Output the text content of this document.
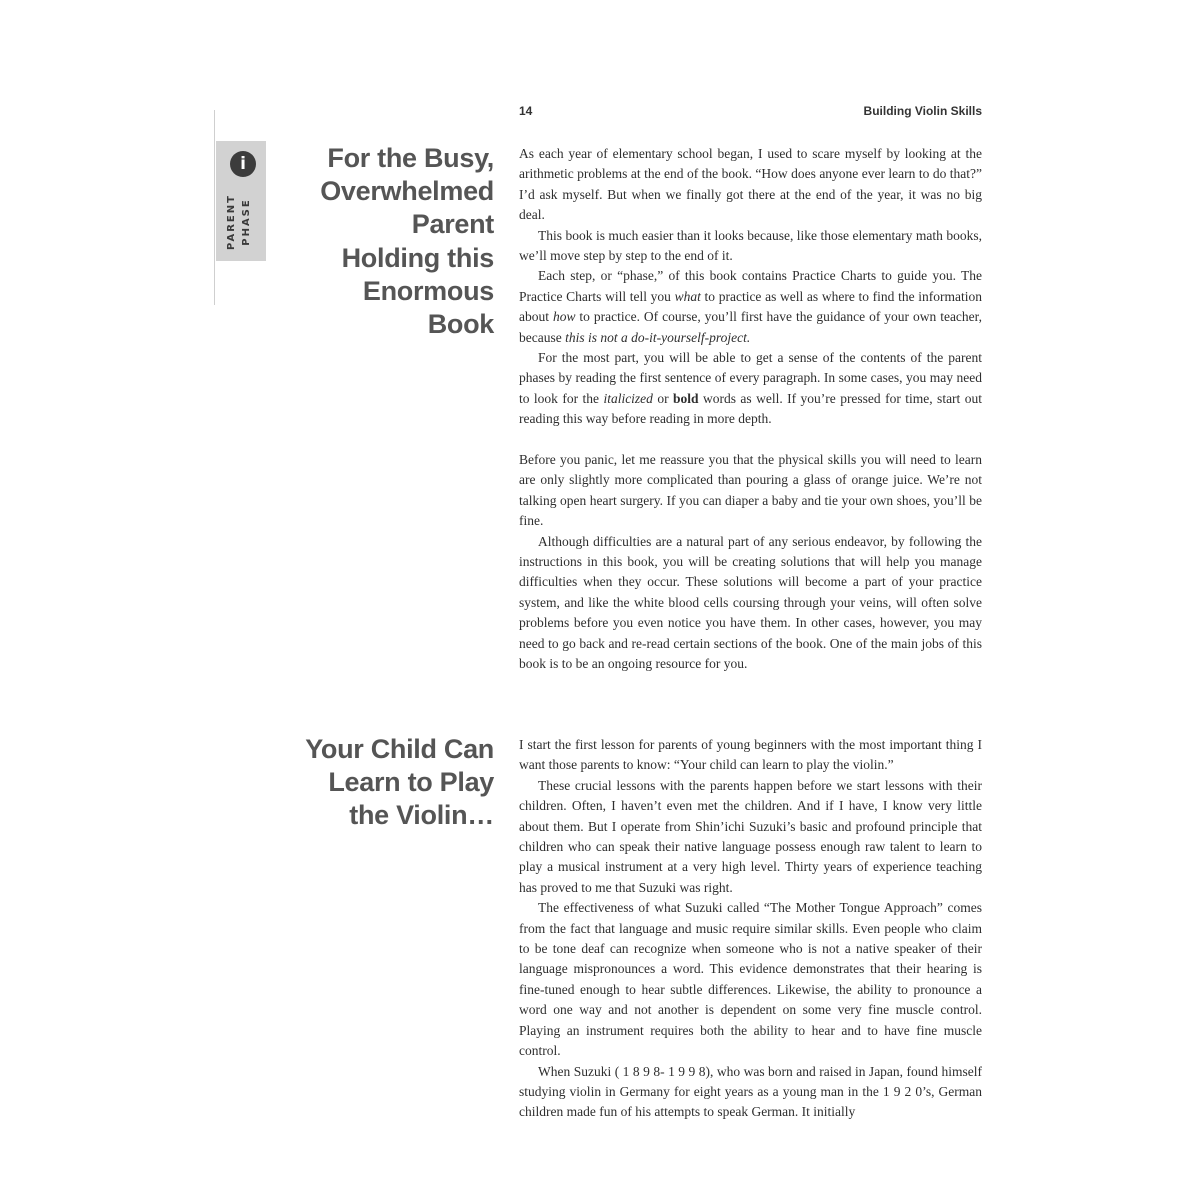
i
PARENT PHASE
14	Building Violin Skills
For the Busy,
Overwhelmed
Parent
Holding this
Enormous
Book

As each year of elementary school began, I used to scare myself by looking at the arithmetic problems at the end of the book. “How does anyone ever learn to do that?” I’d ask myself. But when we finally got there at the end of the year, it was no big deal.

This book is much easier than it looks because, like those elementary math books, we’ll move step by step to the end of it.

Each step, or “phase,” of this book contains Practice Charts to guide you. The Practice Charts will tell you what to practice as well as where to find the information about how to practice. Of course, you’ll first have the guidance of your own teacher, because this is not a do-it-yourself-project.

For the most part, you will be able to get a sense of the contents of the parent phases by reading the first sentence of every paragraph. In some cases, you may need to look for the italicized or bold words as well. If you’re pressed for time, start out reading this way before reading in more depth.

Before you panic, let me reassure you that the physical skills you will need to learn are only slightly more complicated than pouring a glass of orange juice. We’re not talking open heart surgery. If you can diaper a baby and tie your own shoes, you’ll be fine.

Although difficulties are a natural part of any serious endeavor, by following the instructions in this book, you will be creating solutions that will help you manage difficulties when they occur. These solutions will become a part of your practice system, and like the white blood cells coursing through your veins, will often solve problems before you even notice you have them. In other cases, however, you may need to go back and re-read certain sections of the book. One of the main jobs of this book is to be an ongoing resource for you.

Your Child Can
Learn to Play
the Violin…

I start the first lesson for parents of young beginners with the most important thing I want those parents to know: “Your child can learn to play the violin.”

These crucial lessons with the parents happen before we start lessons with their children. Often, I haven’t even met the children. And if I have, I know very little about them. But I operate from Shin’ichi Suzuki’s basic and profound principle that children who can speak their native language possess enough raw talent to learn to play a musical instrument at a very high level. Thirty years of experience teaching has proved to me that Suzuki was right.

The effectiveness of what Suzuki called “The Mother Tongue Approach” comes from the fact that language and music require similar skills. Even people who claim to be tone deaf can recognize when someone who is not a native speaker of their language mispronounces a word. This evidence demonstrates that their hearing is fine-tuned enough to hear subtle differences. Likewise, the ability to pronounce a word one way and not another is dependent on some very fine muscle control. Playing an instrument requires both the ability to hear and to have fine muscle control.

When Suzuki ( 1 8 9 8- 1 9 9 8), who was born and raised in Japan, found himself studying violin in Germany for eight years as a young man in the 1 9 2 0’s, German children made fun of his attempts to speak German. It initially
